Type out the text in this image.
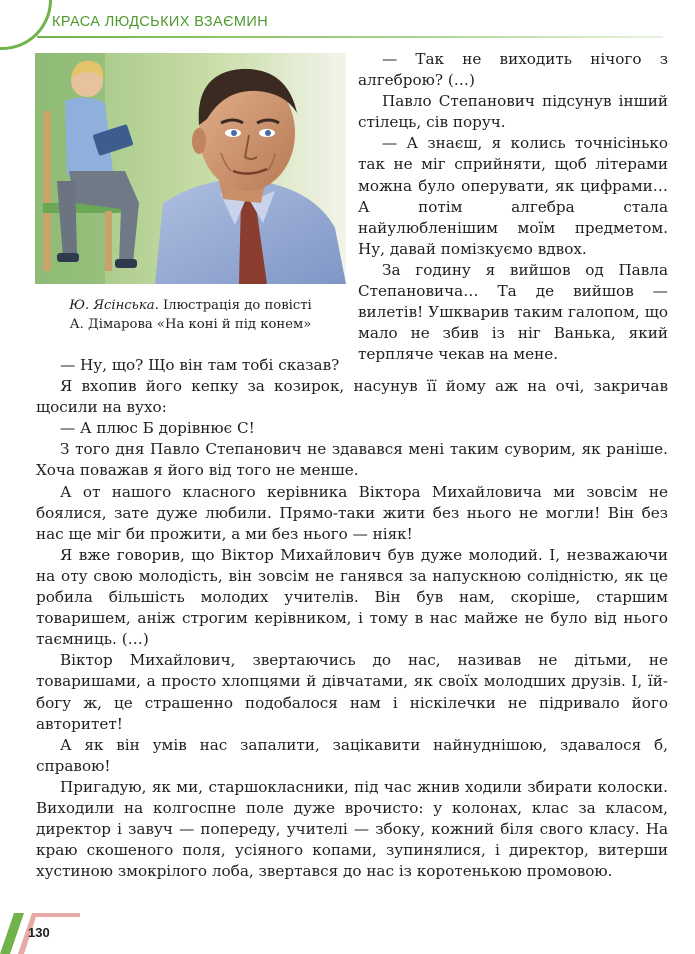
КРАСА ЛЮДСЬКИХ ВЗАЄМИН
Ю. Ясінська. Ілюстрація до повісті
А. Дімарова «На коні й під конем»

— Так не виходить нічого з алгеброю? (…)

Павло Степанович підсунув інший стілець, сів поруч.

— А знаєш, я колись точнісінько так не міг сприйняти, щоб літерами можна було оперувати, як цифрами… А потім алгебра стала найулюбленішим моїм предметом. Ну, давай помізкуємо вдвох.

За годину я вийшов од Павла Степановича… Та де вийшов — вилетів! Ушкварив таким галопом, що мало не збив із ніг Ванька, який терпляче чекав на мене.

— Ну, що? Що він там тобі сказав?

Я вхопив його кепку за козирок, насунув її йому аж на очі, закричав щосили на вухо:

— А плюс Б дорівнює С!

З того дня Павло Степанович не здавався мені таким суворим, як раніше. Хоча поважав я його від того не менше.

А от нашого класного керівника Віктора Михайловича ми зовсім не боялися, зате дуже любили. Прямо-таки жити без нього не могли! Він без нас ще міг би прожити, а ми без нього — ніяк!

Я вже говорив, що Віктор Михайлович був дуже молодий. І, незважаючи на оту свою молодість, він зовсім не ганявся за напускною солідністю, як це робила більшість молодих учителів. Він був нам, скоріше, старшим товаришем, аніж строгим керівником, і тому в нас майже не було від нього таємниць. (…)

Віктор Михайлович, звертаючись до нас, називав не дітьми, не товаришами, а просто хлопцями й дівчатами, як своїх молодших друзів. І, їй-богу ж, це страшенно подобалося нам і ніскілечки не підривало його авторитет!

А як він умів нас запалити, зацікавити найнуднішою, здавалося б, справою!

Пригадую, як ми, старшокласники, під час жнив ходили збирати колоски. Виходили на колгоспне поле дуже врочисто: у колонах, клас за класом, директор і завуч — попереду, учителі — збоку, кожний біля свого класу. На краю скошеного поля, усіяного копами, зупинялися, і директор, витерши хустиною змокрілого лоба, звертався до нас із коротенькою промовою.

130
